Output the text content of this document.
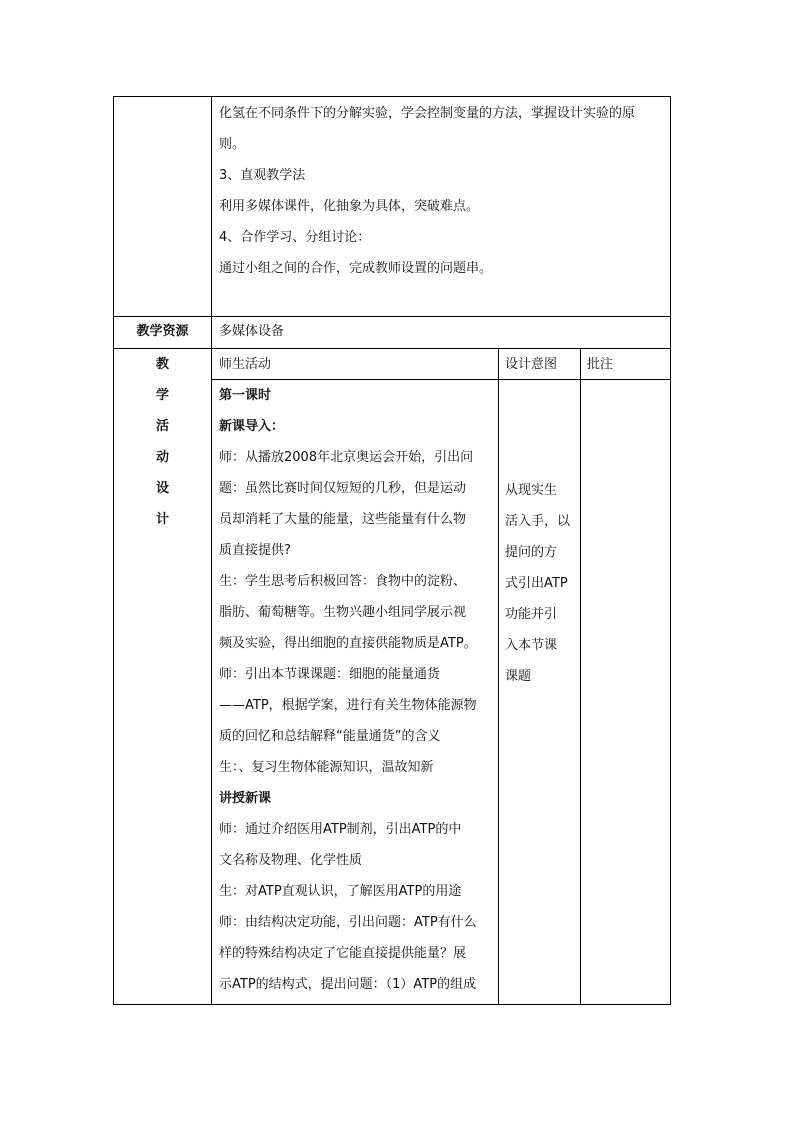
化氢在不同条件下的分解实验，学会控制变量的方法，掌握设计实验的原
则。
3、直观教学法
利用多媒体课件，化抽象为具体，突破难点。
4、合作学习、分组讨论：
通过小组之间的合作，完成教师设置的问题串。
教学资源	多媒体设备
教
学
活
动
设
计
师生活动	设计意图 批注
第一课时
新课导入：
师：从播放2008年北京奥运会开始，引出问
题：虽然比赛时间仅短短的几秒，但是运动
员却消耗了大量的能量，这些能量有什么物
质直接提供?
生：学生思考后积极回答：食物中的淀粉、
脂肪、葡萄糖等。生物兴趣小组同学展示视
频及实验，得出细胞的直接供能物质是ATP。
师：引出本节课课题：细胞的能量通货
——ATP，根据学案，进行有关生物体能源物
质的回忆和总结解释“能量通货”的含义
生：、复习生物体能源知识，温故知新
讲授新课
师：通过介绍医用ATP制剂，引出ATP的中
文名称及物理、化学性质
生：对ATP直观认识，了解医用ATP的用途
师：由结构决定功能，引出问题：ATP有什么
样的特殊结构决定了它能直接提供能量？展
示ATP的结构式，提出问题：（1）ATP的组成
从现实生
活入手，以
提问的方
式引出ATP
功能并引
入本节课
课题
